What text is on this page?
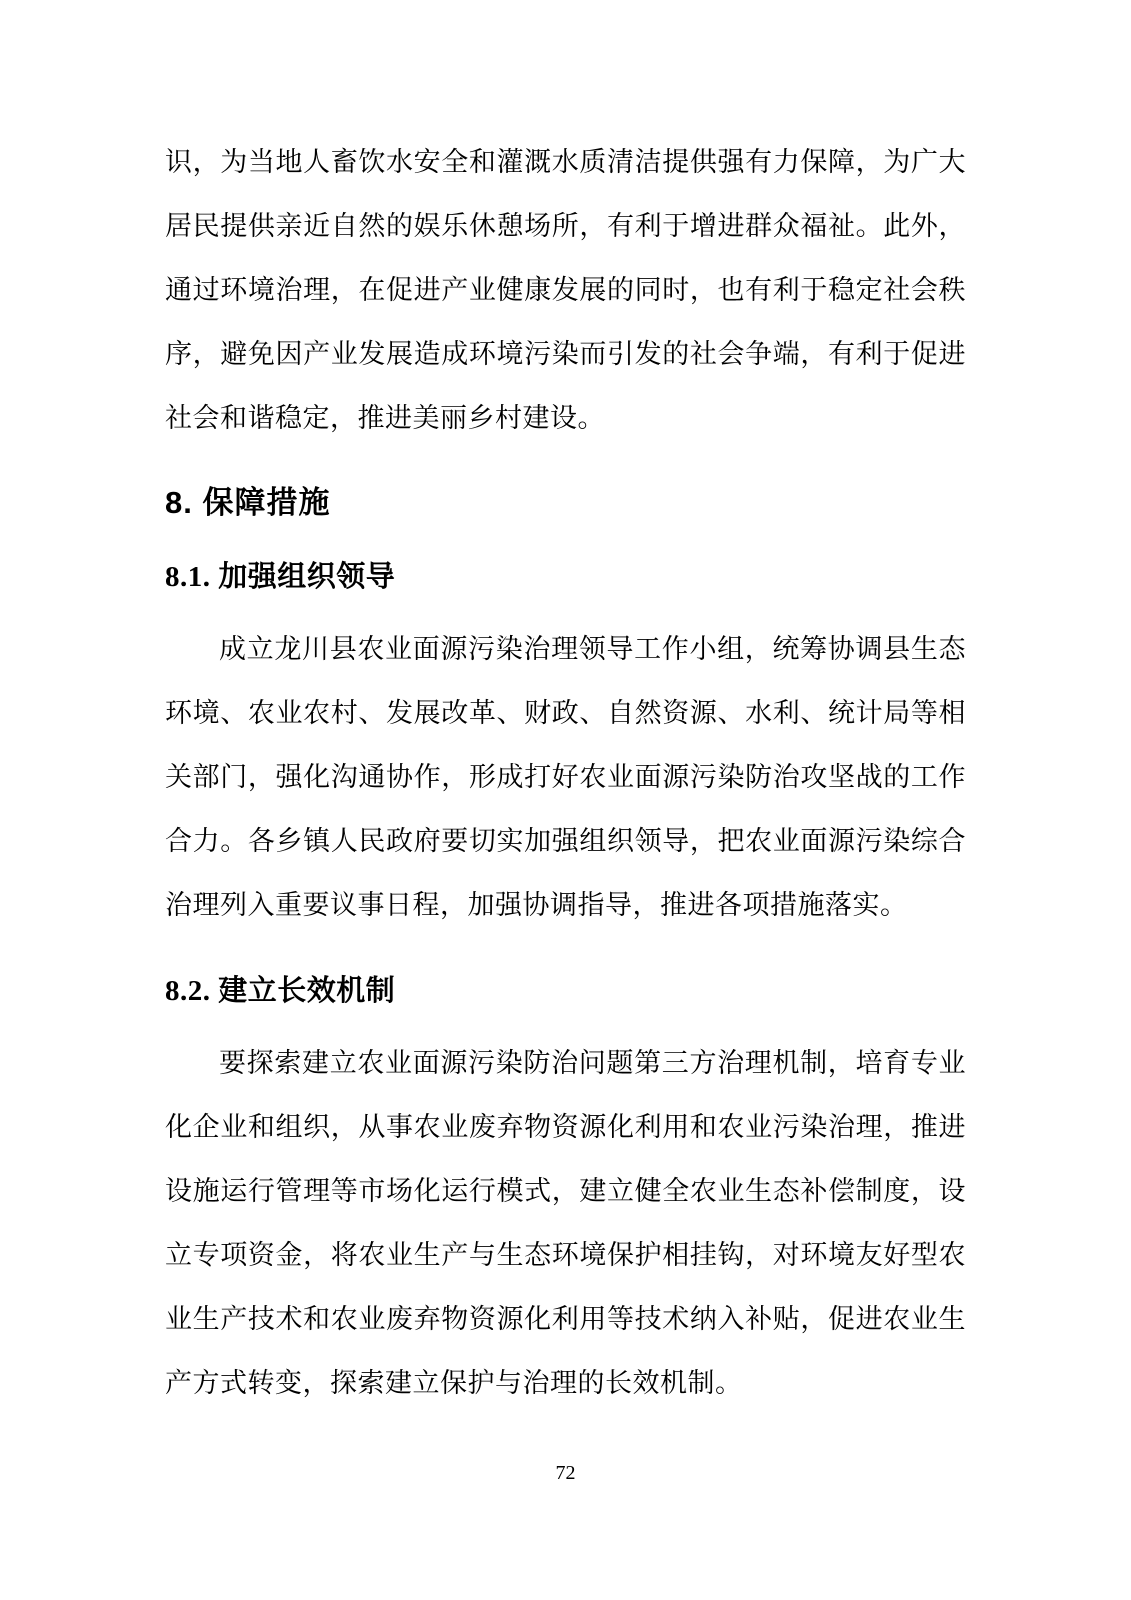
识，为当地人畜饮水安全和灌溉水质清洁提供强有力保障，为广大居民提供亲近自然的娱乐休憩场所，有利于增进群众福祉。此外，通过环境治理，在促进产业健康发展的同时，也有利于稳定社会秩序，避免因产业发展造成环境污染而引发的社会争端，有利于促进社会和谐稳定，推进美丽乡村建设。

8. 保障措施
8.1. 加强组织领导

成立龙川县农业面源污染治理领导工作小组，统筹协调县生态环境、农业农村、发展改革、财政、自然资源、水利、统计局等相关部门，强化沟通协作，形成打好农业面源污染防治攻坚战的工作合力。各乡镇人民政府要切实加强组织领导，把农业面源污染综合治理列入重要议事日程，加强协调指导，推进各项措施落实。

8.2. 建立长效机制

要探索建立农业面源污染防治问题第三方治理机制，培育专业化企业和组织，从事农业废弃物资源化利用和农业污染治理，推进设施运行管理等市场化运行模式，建立健全农业生态补偿制度，设立专项资金，将农业生产与生态环境保护相挂钩，对环境友好型农业生产技术和农业废弃物资源化利用等技术纳入补贴，促进农业生产方式转变，探索建立保护与治理的长效机制。

72
